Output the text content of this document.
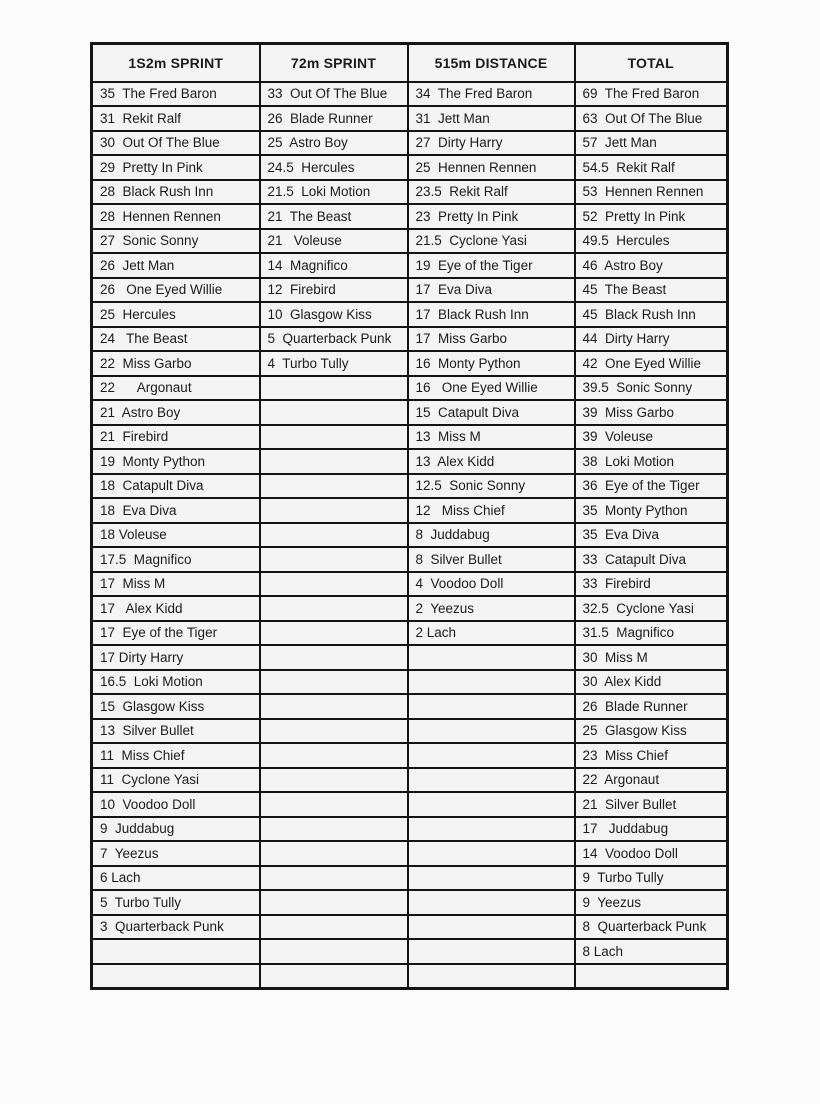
1S2m SPRINT	72m SPRINT	515m DISTANCE	TOTAL
35  The Fred Baron	33  Out Of The Blue	34  The Fred Baron	69  The Fred Baron
31  Rekit Ralf	26  Blade Runner	31  Jett Man	63  Out Of The Blue
30  Out Of The Blue	25  Astro Boy	27  Dirty Harry	57  Jett Man
29  Pretty In Pink	24.5  Hercules	25  Hennen Rennen	54.5  Rekit Ralf
28  Black Rush Inn	21.5  Loki Motion	23.5  Rekit Ralf	53  Hennen Rennen
28  Hennen Rennen	21  The Beast	23  Pretty In Pink	52  Pretty In Pink
27  Sonic Sonny	21   Voleuse	21.5  Cyclone Yasi	49.5  Hercules
26  Jett Man	14  Magnifico	19  Eye of the Tiger	46  Astro Boy
26   One Eyed Willie	12  Firebird	17  Eva Diva	45  The Beast
25  Hercules	10  Glasgow Kiss	17  Black Rush Inn	45  Black Rush Inn
24   The Beast	5  Quarterback Punk	17  Miss Garbo	44  Dirty Harry
22  Miss Garbo	4  Turbo Tully	16  Monty Python	42  One Eyed Willie
22      Argonaut		16   One Eyed Willie	39.5  Sonic Sonny
21  Astro Boy		15  Catapult Diva	39  Miss Garbo
21  Firebird		13  Miss M	39  Voleuse
19  Monty Python		13  Alex Kidd	38  Loki Motion
18  Catapult Diva		12.5  Sonic Sonny	36  Eye of the Tiger
18  Eva Diva		12   Miss Chief	35  Monty Python
18 Voleuse		8  Juddabug	35  Eva Diva
17.5  Magnifico		8  Silver Bullet	33  Catapult Diva
17  Miss M		4  Voodoo Doll	33  Firebird
17   Alex Kidd		2  Yeezus	32.5  Cyclone Yasi
17  Eye of the Tiger		2 Lach	31.5  Magnifico
17 Dirty Harry			30  Miss M
16.5  Loki Motion			30  Alex Kidd
15  Glasgow Kiss			26  Blade Runner
13  Silver Bullet			25  Glasgow Kiss
11  Miss Chief			23  Miss Chief
11  Cyclone Yasi			22  Argonaut
10  Voodoo Doll			21  Silver Bullet
9  Juddabug			17   Juddabug
7  Yeezus			14  Voodoo Doll
6 Lach			9  Turbo Tully
5  Turbo Tully			9  Yeezus
3  Quarterback Punk			8  Quarterback Punk
			8 Lach
